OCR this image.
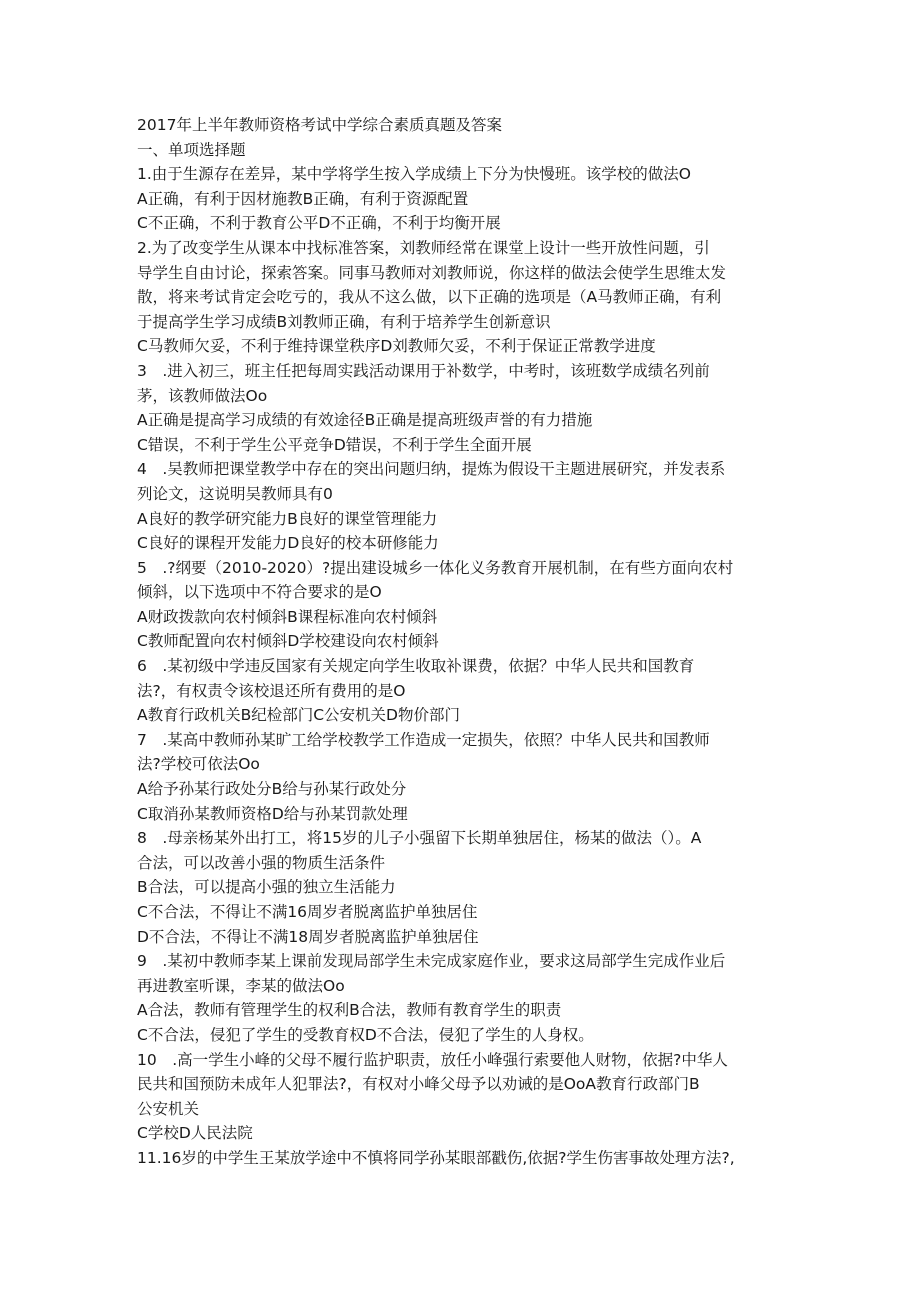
2017年上半年教师资格考试中学综合素质真题及答案
一、单项选择题
1.由于生源存在差异，某中学将学生按入学成绩上下分为快慢班。该学校的做法O
A正确，有利于因材施教B正确，有利于资源配置
C不正确，不利于教育公平D不正确，不利于均衡开展
2.为了改变学生从课本中找标准答案，刘教师经常在课堂上设计一些开放性问题，引
导学生自由讨论，探索答案。同事马教师对刘教师说，你这样的做法会使学生思维太发
散，将来考试肯定会吃亏的，我从不这么做，以下正确的选项是（A马教师正确，有利
于提高学生学习成绩B刘教师正确，有利于培养学生创新意识
C马教师欠妥，不利于维持课堂秩序D刘教师欠妥，不利于保证正常教学进度
3　.进入初三，班主任把每周实践活动课用于补数学，中考时，该班数学成绩名列前
茅，该教师做法Oo
A正确是提高学习成绩的有效途径B正确是提高班级声誉的有力措施
C错误，不利于学生公平竞争D错误，不利于学生全面开展
4　.吴教师把课堂教学中存在的突出问题归纳，提炼为假设干主题进展研究，并发表系
列论文，这说明吴教师具有0
A良好的教学研究能力B良好的课堂管理能力
C良好的课程开发能力D良好的校本研修能力
5　.?纲要（2010-2020）?提出建设城乡一体化义务教育开展机制，在有些方面向农村
倾斜，以下选项中不符合要求的是O
A财政拨款向农村倾斜B课程标准向农村倾斜
C教师配置向农村倾斜D学校建设向农村倾斜
6　.某初级中学违反国家有关规定向学生收取补课费，依据？中华人民共和国教育
法?，有权责令该校退还所有费用的是O
A教育行政机关B纪检部门C公安机关D物价部门
7　.某高中教师孙某旷工给学校教学工作造成一定损失，依照？中华人民共和国教师
法?学校可依法Oo
A给予孙某行政处分B给与孙某行政处分
C取消孙某教师资格D给与孙某罚款处理
8　.母亲杨某外出打工，将15岁的儿子小强留下长期单独居住，杨某的做法（）。A
合法，可以改善小强的物质生活条件
B合法，可以提高小强的独立生活能力
C不合法，不得让不满16周岁者脱离监护单独居住
D不合法，不得让不满18周岁者脱离监护单独居住
9　.某初中教师李某上课前发现局部学生未完成家庭作业，要求这局部学生完成作业后
再进教室听课，李某的做法Oo
A合法，教师有管理学生的权利B合法，教师有教育学生的职责
C不合法，侵犯了学生的受教育权D不合法，侵犯了学生的人身权。
10　.高一学生小峰的父母不履行监护职责，放任小峰强行索要他人财物，依据?中华人
民共和国预防未成年人犯罪法?，有权对小峰父母予以劝诫的是OoA教育行政部门B
公安机关
C学校D人民法院
11.16岁的中学生王某放学途中不慎将同学孙某眼部戳伤,依据?学生伤害事故处理方法?,
